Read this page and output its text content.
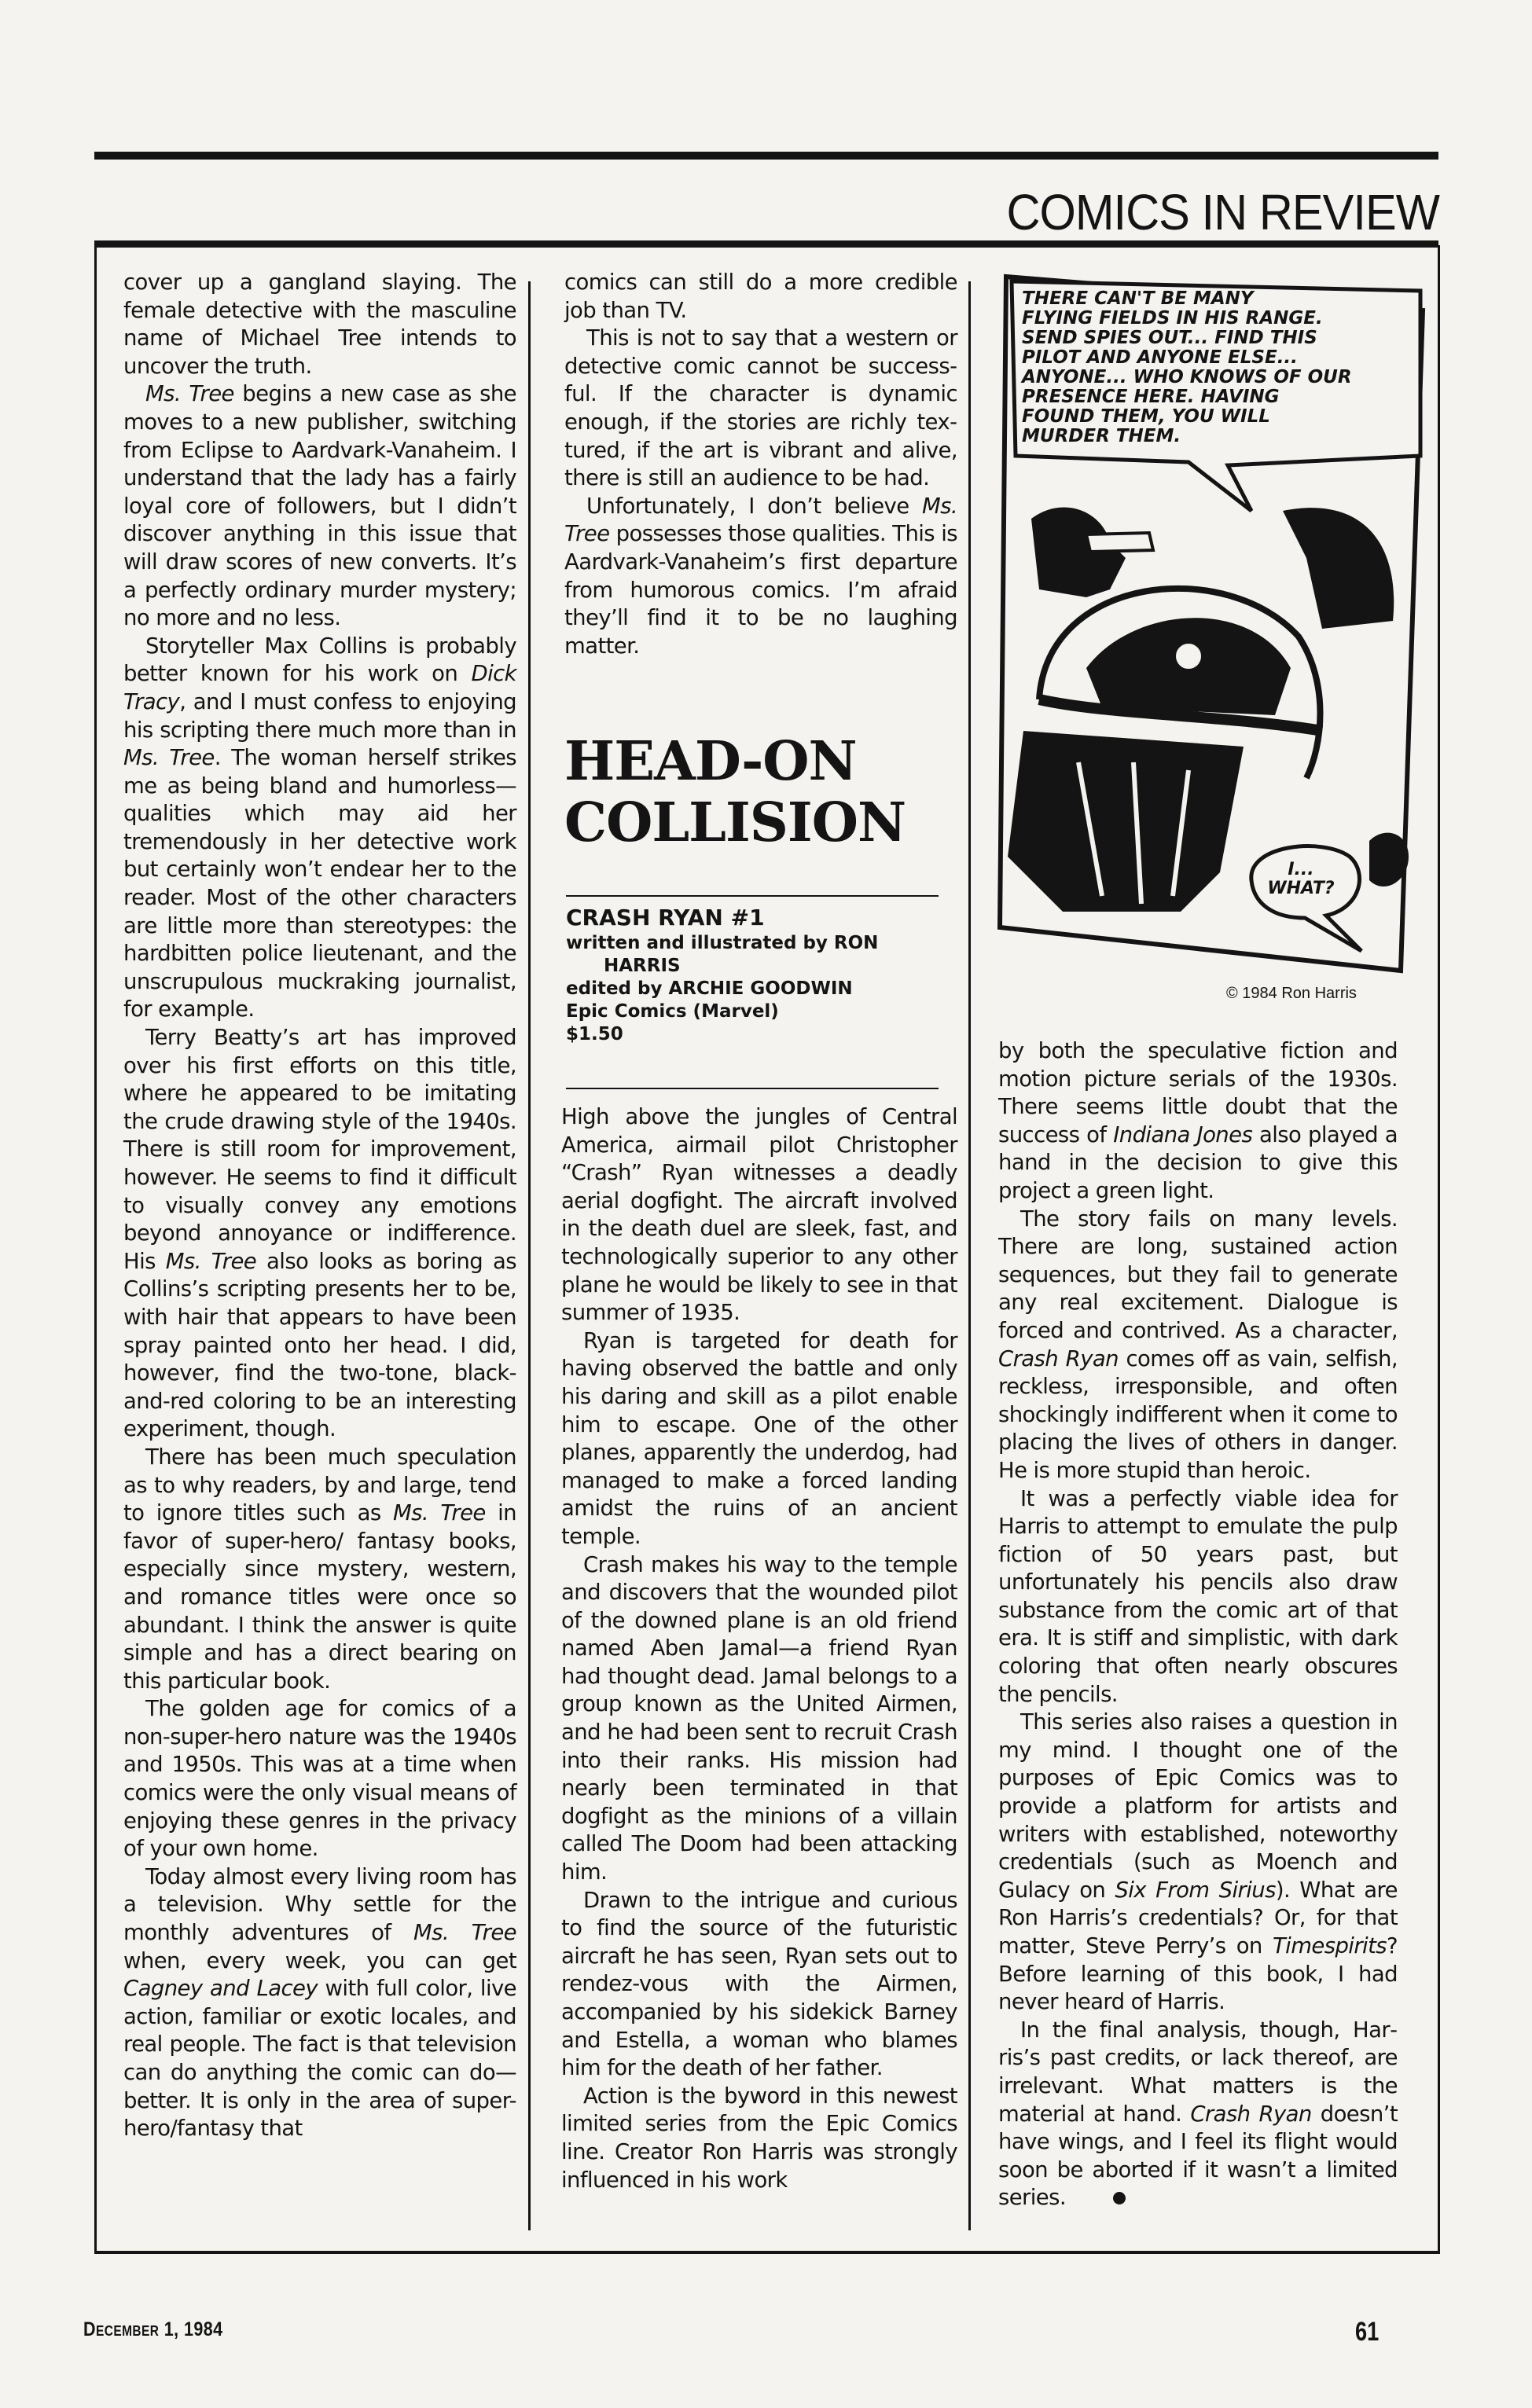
COMICS IN REVIEW

cover up a gangland slaying. The female detective with the masculine name of Michael Tree intends to uncover the truth.

Ms. Tree begins a new case as she moves to a new publisher, switching from Eclipse to Aardvark-Vanaheim. I understand that the lady has a fairly loyal core of followers, but I didn’t discover anything in this issue that will draw scores of new converts. It’s a perfectly ordinary murder mystery; no more and no less.

Storyteller Max Collins is probably better known for his work on Dick Tracy, and I must confess to enjoying his scripting there much more than in Ms. Tree. The woman herself strikes me as being bland and humorless—qualities which may aid her tremendously in her detective work but certainly won’t endear her to the reader. Most of the other characters are little more than stereotypes: the hardbitten police lieutenant, and the unscrupulous muckraking journalist, for example.

Terry Beatty’s art has improved over his first efforts on this title, where he appeared to be imitating the crude drawing style of the 1940s. There is still room for improvement, however. He seems to find it difficult to visually convey any emotions beyond annoyance or indifference. His Ms. Tree also looks as boring as Collins’s scripting presents her to be, with hair that appears to have been spray painted onto her head. I did, however, find the two-tone, black-and-red coloring to be an interesting experiment, though.

There has been much speculation as to why readers, by and large, tend to ignore titles such as Ms. Tree in favor of super-hero/ fantasy books, especially since mystery, western, and romance titles were once so abundant. I think the answer is quite simple and has a direct bearing on this particular book.

The golden age for comics of a non-super-hero nature was the 1940s and 1950s. This was at a time when comics were the only visual means of enjoying these genres in the privacy of your own home.

Today almost every living room has a television. Why settle for the monthly adventures of Ms. Tree when, every week, you can get Cagney and Lacey with full color, live action, familiar or exotic locales, and real people. The fact is that television can do anything the comic can do—better. It is only in the area of super-hero/fantasy that

comics can still do a more credible job than TV.

This is not to say that a western or detective comic cannot be successful. If the character is dynamic enough, if the stories are richly textured, if the art is vibrant and alive, there is still an audience to be had.

Unfortunately, I don’t believe Ms. Tree possesses those qualities. This is Aardvark-Vanaheim’s first departure from humorous comics. I’m afraid they’ll find it to be no laughing matter.

HEAD-ON COLLISION
CRASH RYAN #1
written and illustrated by RON
HARRIS
edited by ARCHIE GOODWIN
Epic Comics (Marvel)
$1.50

High above the jungles of Central America, airmail pilot Christopher “Crash” Ryan witnesses a deadly aerial dogfight. The aircraft involved in the death duel are sleek, fast, and technologically superior to any other plane he would be likely to see in that summer of 1935.

Ryan is targeted for death for having observed the battle and only his daring and skill as a pilot enable him to escape. One of the other planes, apparently the underdog, had managed to make a forced landing amidst the ruins of an ancient temple.

Crash makes his way to the temple and discovers that the wounded pilot of the downed plane is an old friend named Aben Jamal—a friend Ryan had thought dead. Jamal belongs to a group known as the United Airmen, and he had been sent to recruit Crash into their ranks. His mission had nearly been terminated in that dogfight as the minions of a villain called The Doom had been attacking him.

Drawn to the intrigue and curious to find the source of the futuristic aircraft he has seen, Ryan sets out to rendez-vous with the Airmen, accompanied by his sidekick Barney and Estella, a woman who blames him for the death of her father.

Action is the byword in this newest limited series from the Epic Comics line. Creator Ron Harris was strongly influenced in his work

THERE CAN'T BE MANY
FLYING FIELDS IN HIS RANGE.
SEND SPIES OUT... FIND THIS
PILOT AND ANYONE ELSE...
ANYONE... WHO KNOWS OF OUR
PRESENCE HERE. HAVING
FOUND THEM, YOU WILL
MURDER THEM.
I...
WHAT?
© 1984 Ron Harris

by both the speculative fiction and motion picture serials of the 1930s. There seems little doubt that the success of Indiana Jones also played a hand in the decision to give this project a green light.

The story fails on many levels. There are long, sustained action sequences, but they fail to generate any real excitement. Dialogue is forced and contrived. As a character, Crash Ryan comes off as vain, selfish, reckless, irresponsible, and often shockingly indifferent when it come to placing the lives of others in danger. He is more stupid than heroic.

It was a perfectly viable idea for Harris to attempt to emulate the pulp fiction of 50 years past, but unfortunately his pencils also draw substance from the comic art of that era. It is stiff and simplistic, with dark coloring that often nearly obscures the pencils.

This series also raises a question in my mind. I thought one of the purposes of Epic Comics was to provide a platform for artists and writers with established, noteworthy credentials (such as Moench and Gulacy on Six From Sirius). What are Ron Harris’s credentials? Or, for that matter, Steve Perry’s on Timespirits? Before learning of this book, I had never heard of Harris.

In the final analysis, though, Harris’s past credits, or lack thereof, are irrelevant. What matters is the material at hand. Crash Ryan doesn’t have wings, and I feel its flight would soon be aborted if it wasn’t a limited series.

December 1, 1984	61
